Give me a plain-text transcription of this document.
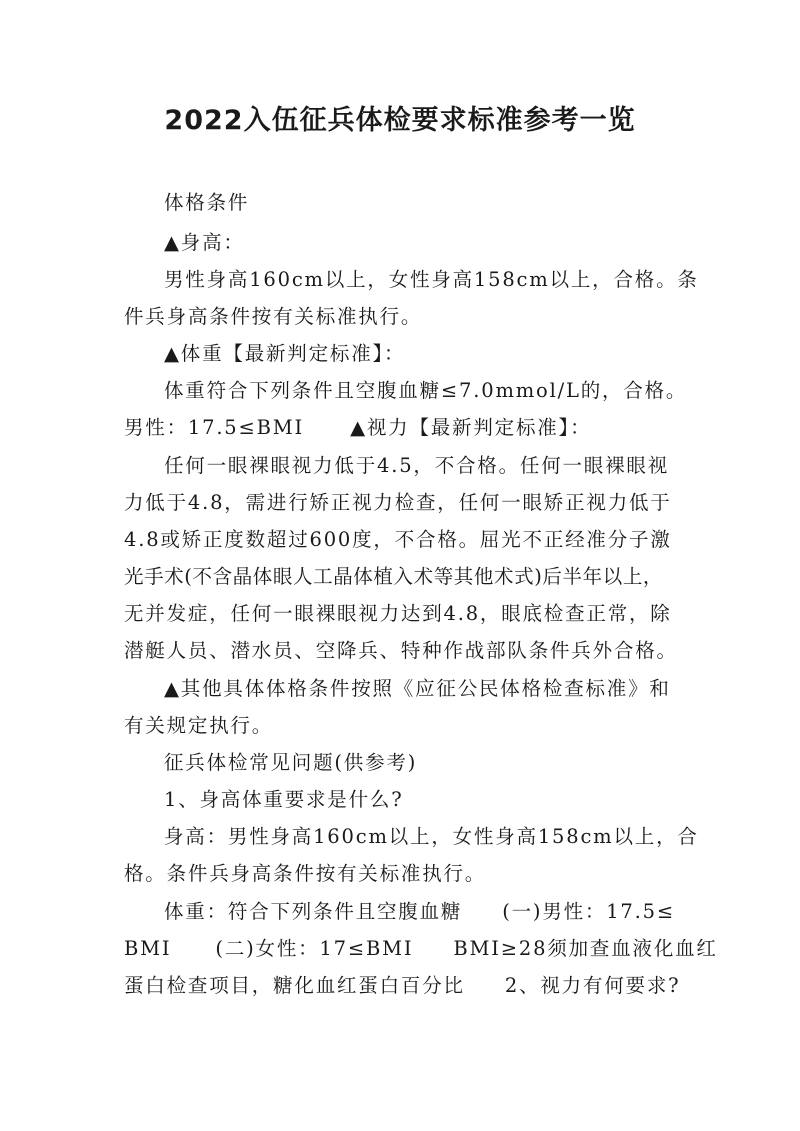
2022入伍征兵体检要求标准参考一览
体格条件
▲身高：
男性身高160cm以上，女性身高158cm以上，合格。条
件兵身高条件按有关标准执行。
▲体重【最新判定标准】：
体重符合下列条件且空腹血糖≤7.0mmol/L的，合格。
男性：17.5≤BMI ▲视力【最新判定标准】：
任何一眼裸眼视力低于4.5，不合格。任何一眼裸眼视
力低于4.8，需进行矫正视力检查，任何一眼矫正视力低于
4.8或矫正度数超过600度，不合格。屈光不正经准分子激
光手术(不含晶体眼人工晶体植入术等其他术式)后半年以上，
无并发症，任何一眼裸眼视力达到4.8，眼底检查正常，除
潜艇人员、潜水员、空降兵、特种作战部队条件兵外合格。
▲其他具体体格条件按照《应征公民体格检查标准》和
有关规定执行。
征兵体检常见问题(供参考)
1、身高体重要求是什么?
身高：男性身高160cm以上，女性身高158cm以上，合
格。条件兵身高条件按有关标准执行。
体重：符合下列条件且空腹血糖 (一)男性：17.5≤
BMI (二)女性：17≤BMI BMI≥28须加查血液化血红
蛋白检查项目，糖化血红蛋白百分比 2、视力有何要求?
